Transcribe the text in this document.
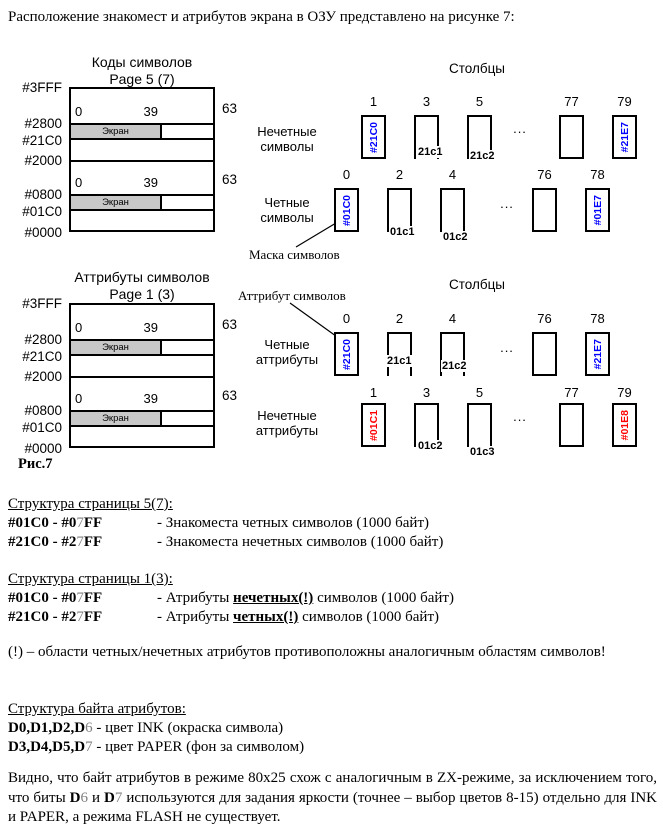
Расположение знакомест и атрибутов экрана в ОЗУ представлено на рисунке 7:
Коды символов
Page 5 (7)
#3FFF
#2800
#21C0
#2000
#0800
#01C0
#0000
0	39
Экран
0	39
Экран
63
63
Столбцы
1	3	5	77	79
#21C0	#21E7
21c1	21c2
...
Нечетные
символы
0	2	4	76	78
#01C0	#01E7
01c1	01c2
...
Четные
символы
Маска символов
Аттрибуты символов
Page 1 (3)
#3FFF
#2800
#21C0
#2000
#0800
#01C0
#0000
0	39
Экран
0	39
Экран
63
63
Рис.7
Столбцы
Аттрибут символов
0	2	4	76	78
#21C0	#21E7
21c1	21c2
...
Четные
аттрибуты
1	3	5	77	79
#01C1	#01E8
01c2	01c3
...
Нечетные
аттрибуты
Структура страницы 5(7):
#01C0 - #07FF	- Знакоместа четных символов (1000 байт)
#21C0 - #27FF	- Знакоместа нечетных символов (1000 байт)
Структура страницы 1(3):
#01C0 - #07FF	- Атрибуты нечетных(!) символов (1000 байт)
#21C0 - #27FF	- Атрибуты четных(!) символов (1000 байт)
(!) – области четных/нечетных атрибутов противоположны аналогичным областям символов!
Структура байта атрибутов:
D0,D1,D2,D6 - цвет INK (окраска символа)
D3,D4,D5,D7 - цвет PAPER (фон за символом)
Видно, что байт атрибутов в режиме 80x25 схож с аналогичным в ZX-режиме, за исключением того, что биты D6 и D7 используются для задания яркости (точнее – выбор цветов 8-15) отдельно для INK и PAPER, а режима FLASH не существует.
